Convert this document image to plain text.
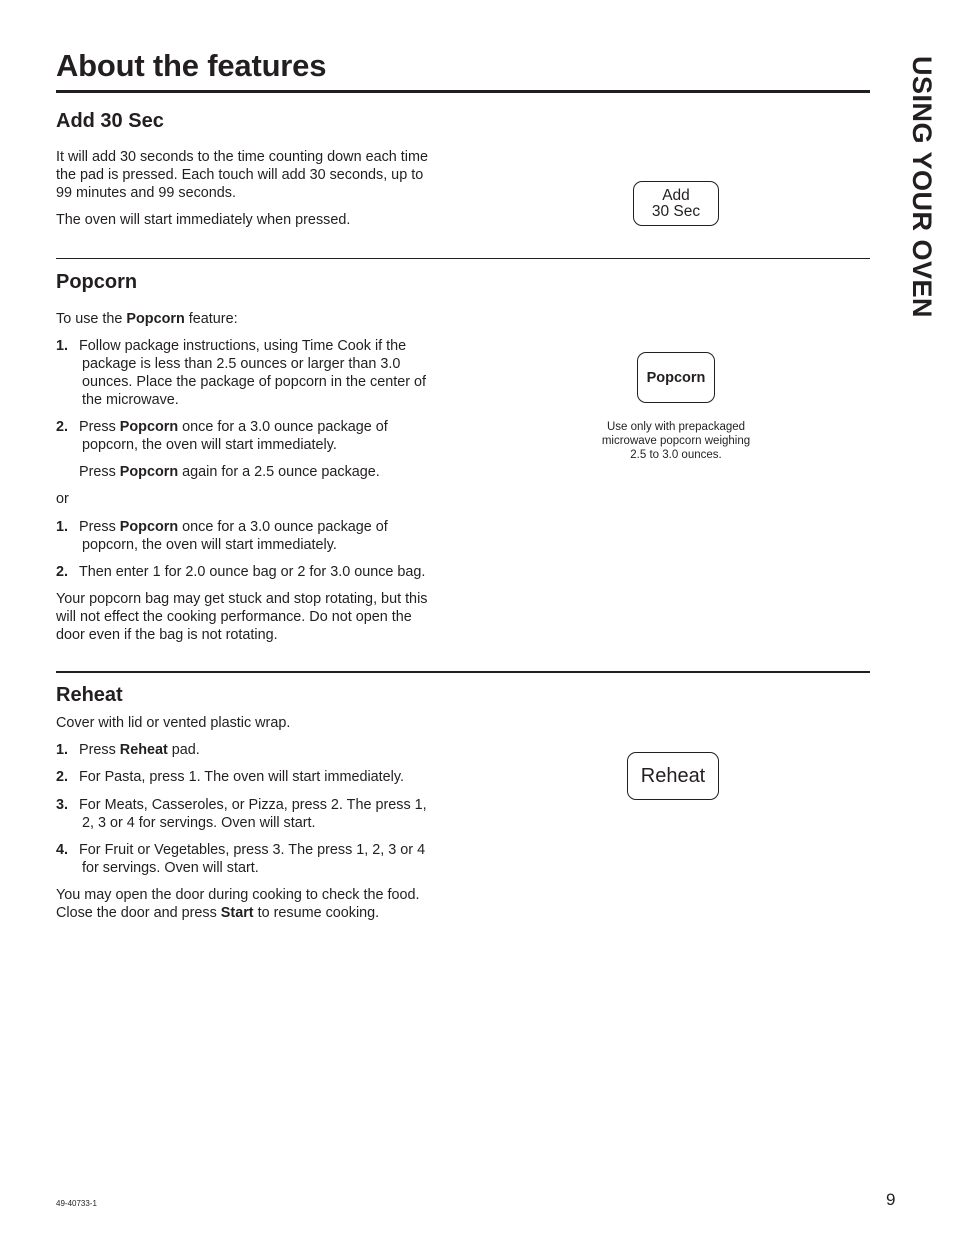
About the features	USING YOUR OVEN
Add 30 Sec

It will add 30 seconds to the time counting down each time

the pad is pressed. Each touch will add 30 seconds, up to

99 minutes and 99 seconds.

The oven will start immediately when pressed.
Add
30 Sec
Popcorn
To use the Popcorn feature:
1. Follow package instructions, using Time Cook if the
package is less than 2.5 ounces or larger than 3.0
ounces. Place the package of popcorn in the center of
the microwave.
2. Press Popcorn once for a 3.0 ounce package of
popcorn, the oven will start immediately.
Press Popcorn again for a 2.5 ounce package.
or
1. Press Popcorn once for a 3.0 ounce package of
popcorn, the oven will start immediately.
2. Then enter 1 for 2.0 ounce bag or 2 for 3.0 ounce bag.

Your popcorn bag may get stuck and stop rotating, but this

will not effect the cooking performance. Do not open the

door even if the bag is not rotating.

Popcorn
Use only with prepackaged
microwave popcorn weighing
2.5 to 3.0 ounces.
Reheat
Cover with lid or vented plastic wrap.
1. Press Reheat pad.
2. For Pasta, press 1. The oven will start immediately.
3. For Meats, Casseroles, or Pizza, press 2. The press 1,
2, 3 or 4 for servings. Oven will start.
4. For Fruit or Vegetables, press 3. The press 1, 2, 3 or 4
for servings. Oven will start.

You may open the door during cooking to check the food.

Close the door and press Start to resume cooking.

Reheat
49-40733-1	9
